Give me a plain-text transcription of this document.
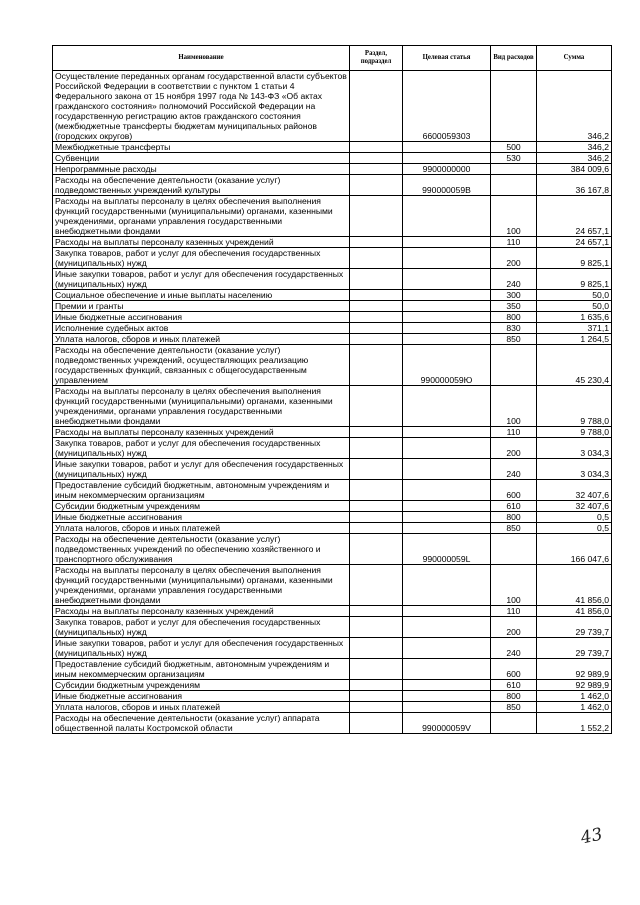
Наименование	Раздел, подраздел	Целевая статья	Вид расходов	Сумма
Осуществление переданных органам государственной власти субъектов Российской Федерации в соответствии с пунктом 1 статьи 4 Федерального закона от 15 ноября 1997 года № 143-ФЗ «Об актах гражданского состояния» полномочий Российской Федерации на государственную регистрацию актов гражданского состояния (межбюджетные трансферты бюджетам муниципальных районов (городских округов)		6600059303		346,2
Межбюджетные трансферты			500	346,2
Субвенции			530	346,2
Непрограммные расходы		9900000000		384 009,6
Расходы на обеспечение деятельности (оказание услуг) подведомственных учреждений культуры		990000059B		36 167,8
Расходы на выплаты персоналу в целях обеспечения выполнения функций государственными (муниципальными) органами, казенными учреждениями, органами управления государственными внебюджетными фондами			100	24 657,1
Расходы на выплаты персоналу казенных учреждений			110	24 657,1
Закупка товаров, работ и услуг для обеспечения государственных (муниципальных) нужд			200	9 825,1
Иные закупки товаров, работ и услуг для обеспечения государственных (муниципальных) нужд			240	9 825,1
Социальное обеспечение и иные выплаты населению			300	50,0
Премии и гранты			350	50,0
Иные бюджетные ассигнования			800	1 635,6
Исполнение судебных актов			830	371,1
Уплата налогов, сборов и иных платежей			850	1 264,5
Расходы на обеспечение деятельности (оказание услуг) подведомственных учреждений, осуществляющих реализацию государственных функций, связанных с общегосударственным управлением		990000059Ю		45 230,4
Расходы на выплаты персоналу в целях обеспечения выполнения функций государственными (муниципальными) органами, казенными учреждениями, органами управления государственными внебюджетными фондами			100	9 788,0
Расходы на выплаты персоналу казенных учреждений			110	9 788,0
Закупка товаров, работ и услуг для обеспечения государственных (муниципальных) нужд			200	3 034,3
Иные закупки товаров, работ и услуг для обеспечения государственных (муниципальных) нужд			240	3 034,3
Предоставление субсидий бюджетным, автономным учреждениям и иным некоммерческим организациям			600	32 407,6
Субсидии бюджетным учреждениям			610	32 407,6
Иные бюджетные ассигнования			800	0,5
Уплата налогов, сборов и иных платежей			850	0,5
Расходы на обеспечение деятельности (оказание услуг) подведомственных учреждений по обеспечению хозяйственного и транспортного обслуживания		990000059L		166 047,6
Расходы на выплаты персоналу в целях обеспечения выполнения функций государственными (муниципальными) органами, казенными учреждениями, органами управления государственными внебюджетными фондами			100	41 856,0
Расходы на выплаты персоналу казенных учреждений			110	41 856,0
Закупка товаров, работ и услуг для обеспечения государственных (муниципальных) нужд			200	29 739,7
Иные закупки товаров, работ и услуг для обеспечения государственных (муниципальных) нужд			240	29 739,7
Предоставление субсидий бюджетным, автономным учреждениям и иным некоммерческим организациям			600	92 989,9
Субсидии бюджетным учреждениям			610	92 989,9
Иные бюджетные ассигнования			800	1 462,0
Уплата налогов, сборов и иных платежей			850	1 462,0
Расходы на обеспечение деятельности (оказание услуг) аппарата общественной палаты Костромской области		990000059V		1 552,2
43
